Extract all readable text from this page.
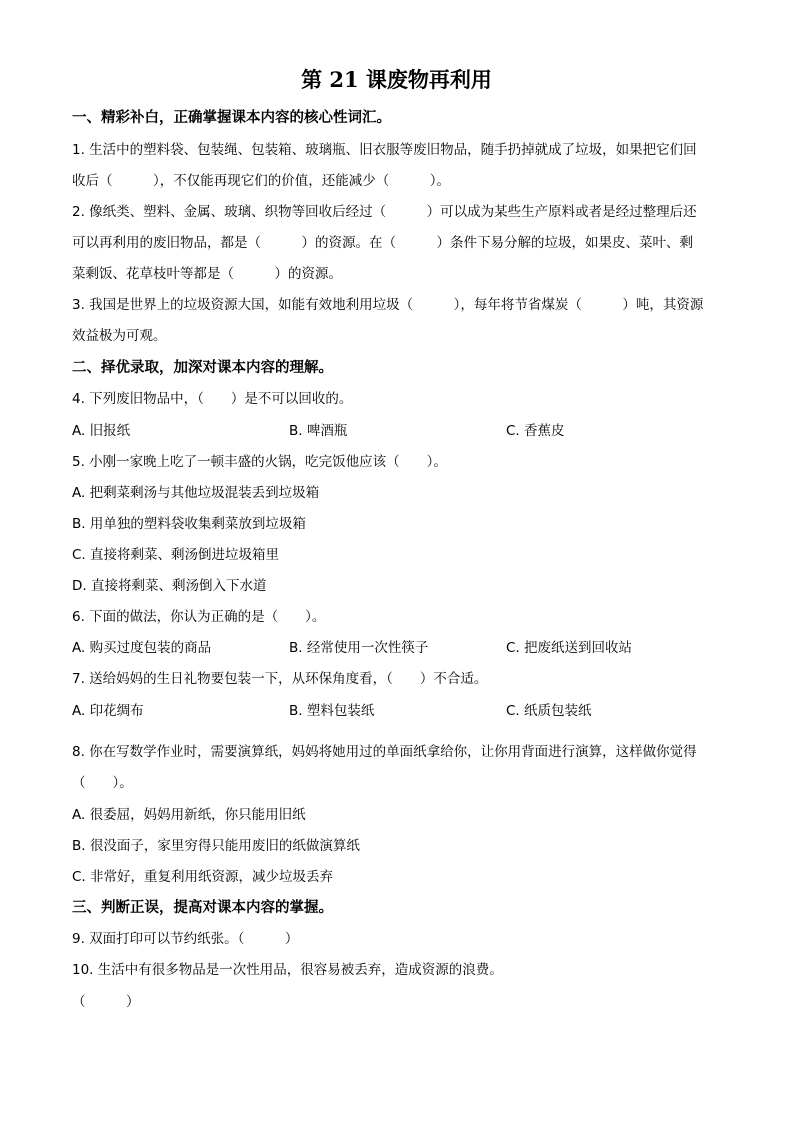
第 21 课废物再利用
一、精彩补白，正确掌握课本内容的核心性词汇。
1. 生活中的塑料袋、包装绳、包装箱、玻璃瓶、旧衣服等废旧物品，随手扔掉就成了垃圾，如果把它们回
收后（　　　），不仅能再现它们的价值，还能减少（　　　）。
2. 像纸类、塑料、金属、玻璃、织物等回收后经过（　　　）可以成为某些生产原料或者是经过整理后还
可以再利用的废旧物品，都是（　　　）的资源。在（　　　）条件下易分解的垃圾，如果皮、菜叶、剩
菜剩饭、花草枝叶等都是（　　　）的资源。
3. 我国是世界上的垃圾资源大国，如能有效地利用垃圾（　　　），每年将节省煤炭（　　　）吨，其资源
效益极为可观。
二、择优录取，加深对课本内容的理解。
4. 下列废旧物品中，（　　）是不可以回收的。
A. 旧报纸	B. 啤酒瓶	C. 香蕉皮
5. 小刚一家晚上吃了一顿丰盛的火锅，吃完饭他应该（　　）。
A. 把剩菜剩汤与其他垃圾混装丢到垃圾箱
B. 用单独的塑料袋收集剩菜放到垃圾箱
C. 直接将剩菜、剩汤倒进垃圾箱里
D. 直接将剩菜、剩汤倒入下水道
6. 下面的做法，你认为正确的是（　　）。
A. 购买过度包装的商品	B. 经常使用一次性筷子	C. 把废纸送到回收站
7. 送给妈妈的生日礼物要包装一下，从环保角度看，（　　）不合适。
A. 印花绸布	B. 塑料包装纸	C. 纸质包装纸
8. 你在写数学作业时，需要演算纸，妈妈将她用过的单面纸拿给你，让你用背面进行演算，这样做你觉得
（　　）。
A. 很委屈，妈妈用新纸，你只能用旧纸
B. 很没面子，家里穷得只能用废旧的纸做演算纸
C. 非常好，重复利用纸资源，减少垃圾丢弃
三、判断正误，提高对课本内容的掌握。
9. 双面打印可以节约纸张。（　　　）
10. 生活中有很多物品是一次性用品，很容易被丢弃，造成资源的浪费。
（　　　）
